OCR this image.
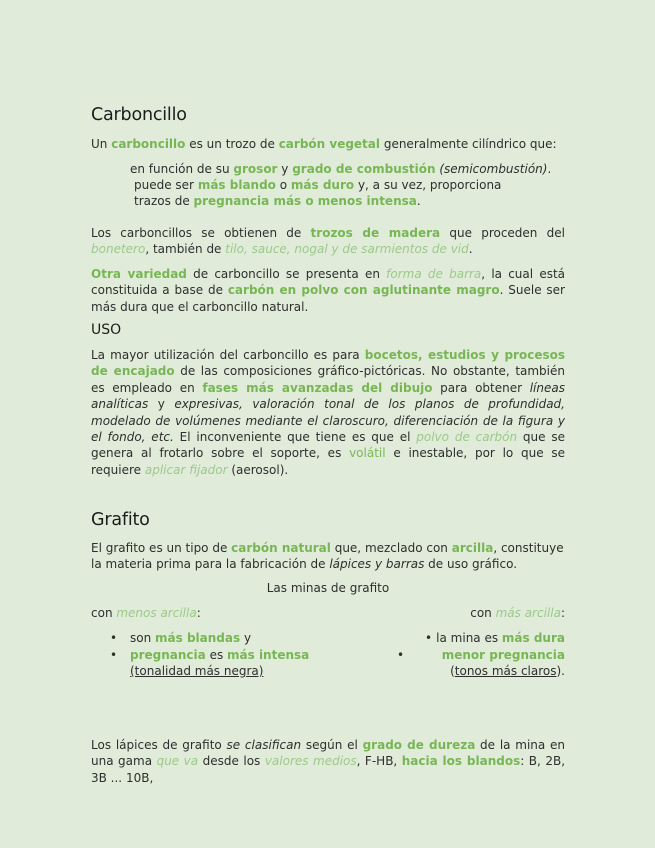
Carboncillo

Un carboncillo es un trozo de carbón vegetal generalmente cilíndrico que:

en función de su grosor y grado de combustión (semicombustión).
puede ser más blando o más duro y, a su vez, proporciona
trazos de pregnancia más o menos intensa.

Los carboncillos se obtienen de trozos de madera que proceden del bonetero, también de tilo, sauce, nogal y de sarmientos de vid.

Otra variedad de carboncillo se presenta en forma de barra, la cual está constituida a base de carbón en polvo con aglutinante magro. Suele ser más dura que el carboncillo natural.

USO

La mayor utilización del carboncillo es para bocetos, estudios y procesos de encajado de las composiciones gráfico-pictóricas. No obstante, también es empleado en fases más avanzadas del dibujo para obtener líneas analíticas y expresivas, valoración tonal de los planos de profundidad, modelado de volúmenes mediante el claroscuro, diferenciación de la figura y el fondo, etc. El inconveniente que tiene es que el polvo de carbón que se genera al frotarlo sobre el soporte, es volátil e inestable, por lo que se requiere aplicar fijador (aerosol).

Grafito

El grafito es un tipo de carbón natural que, mezclado con arcilla, constituye la materia prima para la fabricación de lápices y barras de uso gráfico.

Las minas de grafito
con menos arcilla:	con más arcilla:
• son más blandas y
• pregnancia es más intensa (tonalidad más negra)
• la mina es más dura
•	menor pregnancia (tonos más claros).

Los lápices de grafito se clasifican según el grado de dureza de la mina en una gama que va desde los valores medios, F-HB, hacia los blandos: B, 2B, 3B ... 10B,
